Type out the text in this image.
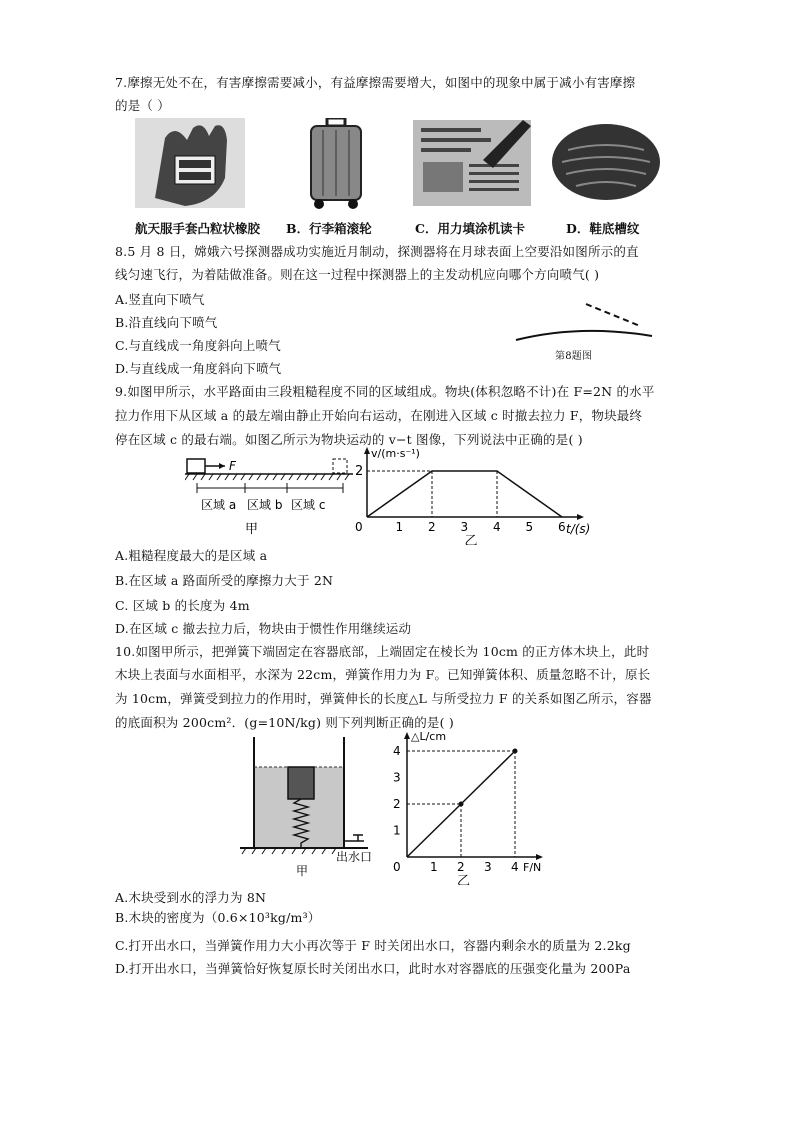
7.摩擦无处不在，有害摩擦需要减小，有益摩擦需要增大，如图中的现象中属于减小有害摩擦
的是（ ）
航天服手套凸粒状橡胶 B．行李箱滚轮	C．用力填涂机读卡	D．鞋底槽纹
8.5 月 8 日，嫦娥六号探测器成功实施近月制动，探测器将在月球表面上空要沿如图所示的直
线匀速飞行，为着陆做准备。则在这一过程中探测器上的主发动机应向哪个方向喷气( )
A.竖直向下喷气
B.沿直线向下喷气
C.与直线成一角度斜向上喷气
D.与直线成一角度斜向下喷气
第8题图
9.如图甲所示，水平路面由三段粗糙程度不同的区域组成。物块(体积忽略不计)在 F=2N 的水平
拉力作用下从区域 a 的最左端由静止开始向右运动，在刚进入区域 c 时撤去拉力 F，物块最终
停在区域 c 的最右端。如图乙所示为物块运动的 v−t 图像，下列说法中正确的是( )
F
区域 a 区域 b 区域 c
甲
v/(m·s⁻¹)
t/(s)
2
0	1 2 3 4 5 6
乙
A.粗糙程度最大的是区域 a
B.在区域 a 路面所受的摩擦力大于 2N
C. 区域 b 的长度为 4m
D.在区域 c 撤去拉力后，物块由于惯性作用继续运动
10.如图甲所示，把弹簧下端固定在容器底部，上端固定在棱长为 10cm 的正方体木块上，此时
木块上表面与水面相平，水深为 22cm，弹簧作用力为 F。已知弹簧体积、质量忽略不计，原长
为 10cm，弹簧受到拉力的作用时，弹簧伸长的长度△L 与所受拉力 F 的关系如图乙所示，容器
的底面积为 200cm²．(g=10N/kg) 则下列判断正确的是( )
出水口
甲
△L/cm
F/N
1
2
3
4
0 1 2 3 4
乙
A.木块受到水的浮力为 8N
B.木块的密度为（0.6×10³kg/m³）
C.打开出水口，当弹簧作用力大小再次等于 F 时关闭出水口，容器内剩余水的质量为 2.2kg
D.打开出水口，当弹簧恰好恢复原长时关闭出水口，此时水对容器底的压强变化量为 200Pa
